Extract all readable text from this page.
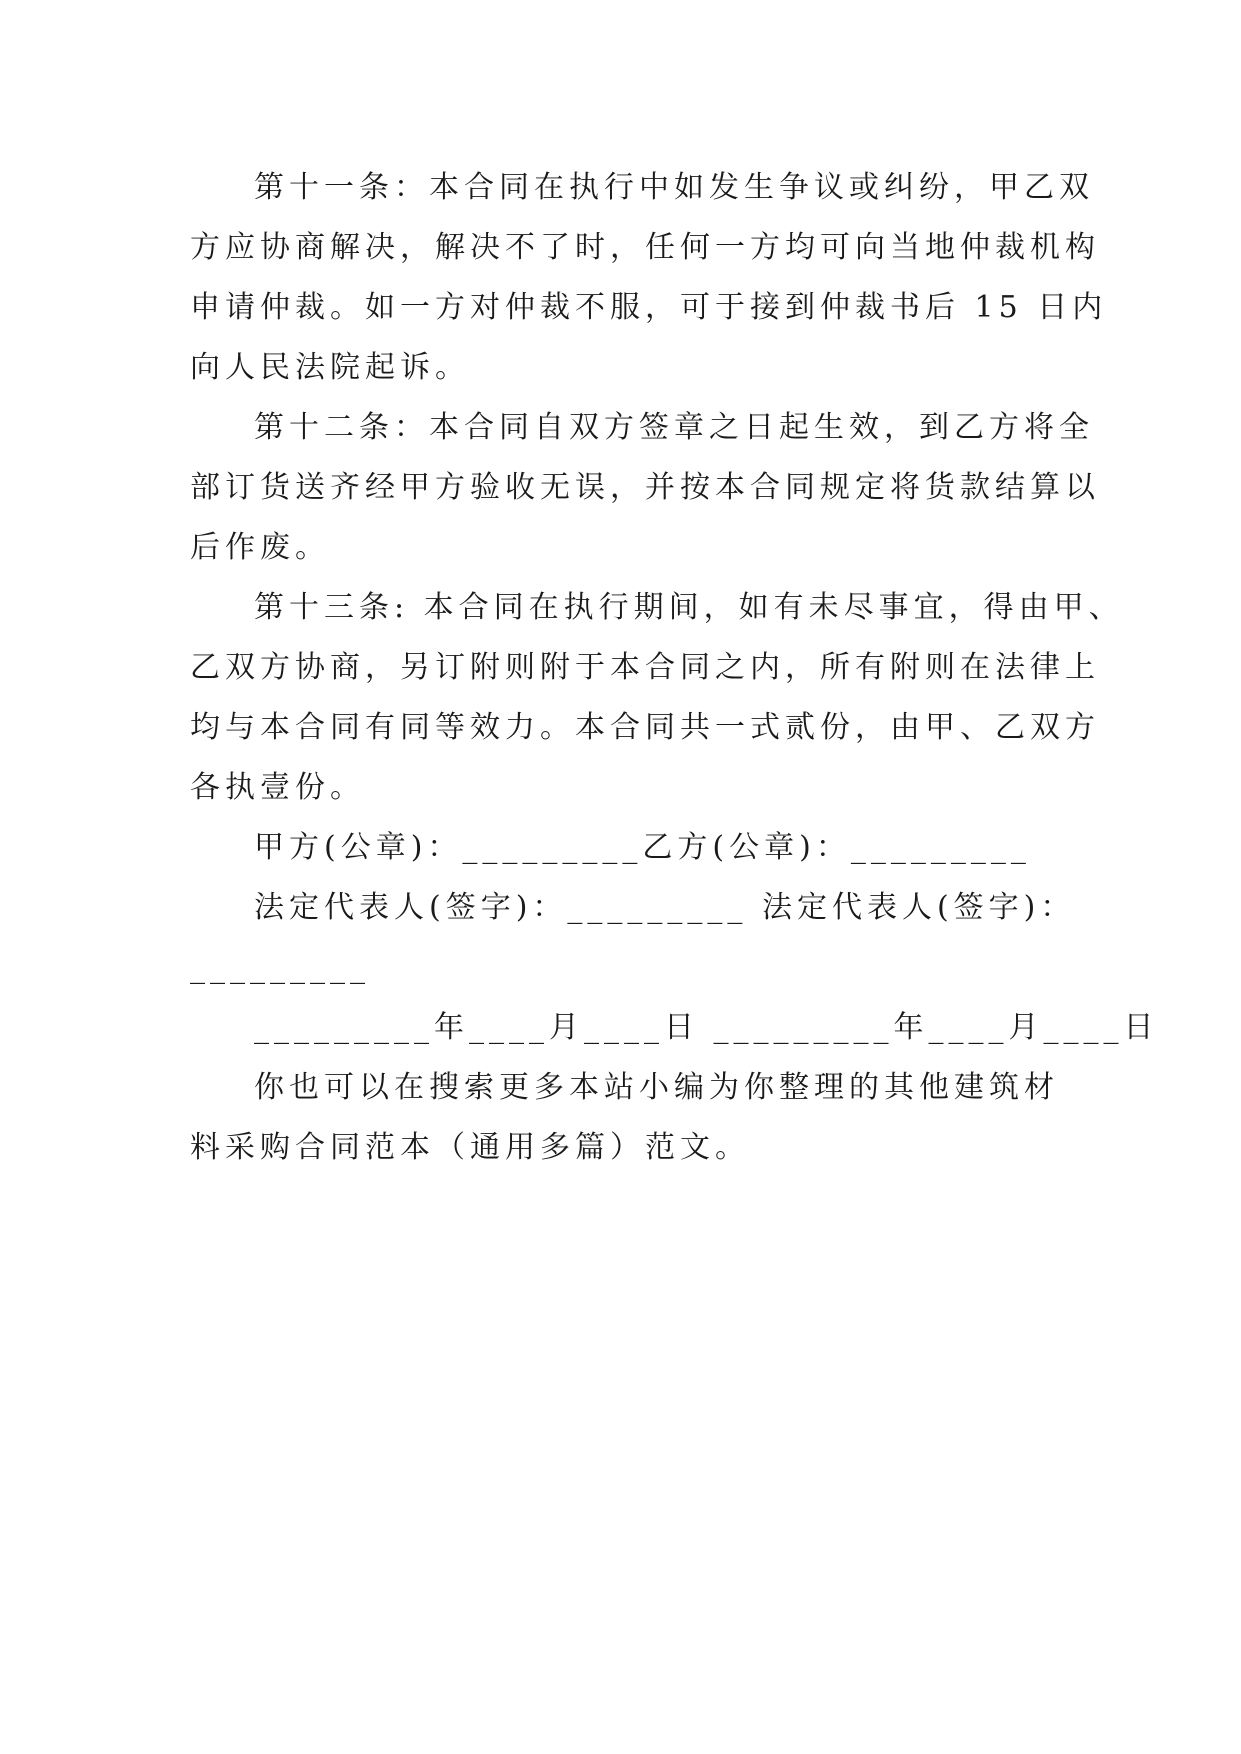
第十一条：本合同在执行中如发生争议或纠纷，甲乙双
方应协商解决，解决不了时，任何一方均可向当地仲裁机构
申请仲裁。如一方对仲裁不服，可于接到仲裁书后 15 日内
向人民法院起诉。
第十二条：本合同自双方签章之日起生效，到乙方将全
部订货送齐经甲方验收无误，并按本合同规定将货款结算以
后作废。
第十三条: 本合同在执行期间，如有未尽事宜，得由甲、
乙双方协商，另订附则附于本合同之内，所有附则在法律上
均与本合同有同等效力。本合同共一式贰份，由甲、乙双方
各执壹份。
甲方(公章)：_________乙方(公章)：_________
法定代表人(签字)：_________ 法定代表人(签字)：
_________
_________年____月____日 _________年____月____日
你也可以在搜索更多本站小编为你整理的其他建筑材
料采购合同范本（通用多篇）范文。
